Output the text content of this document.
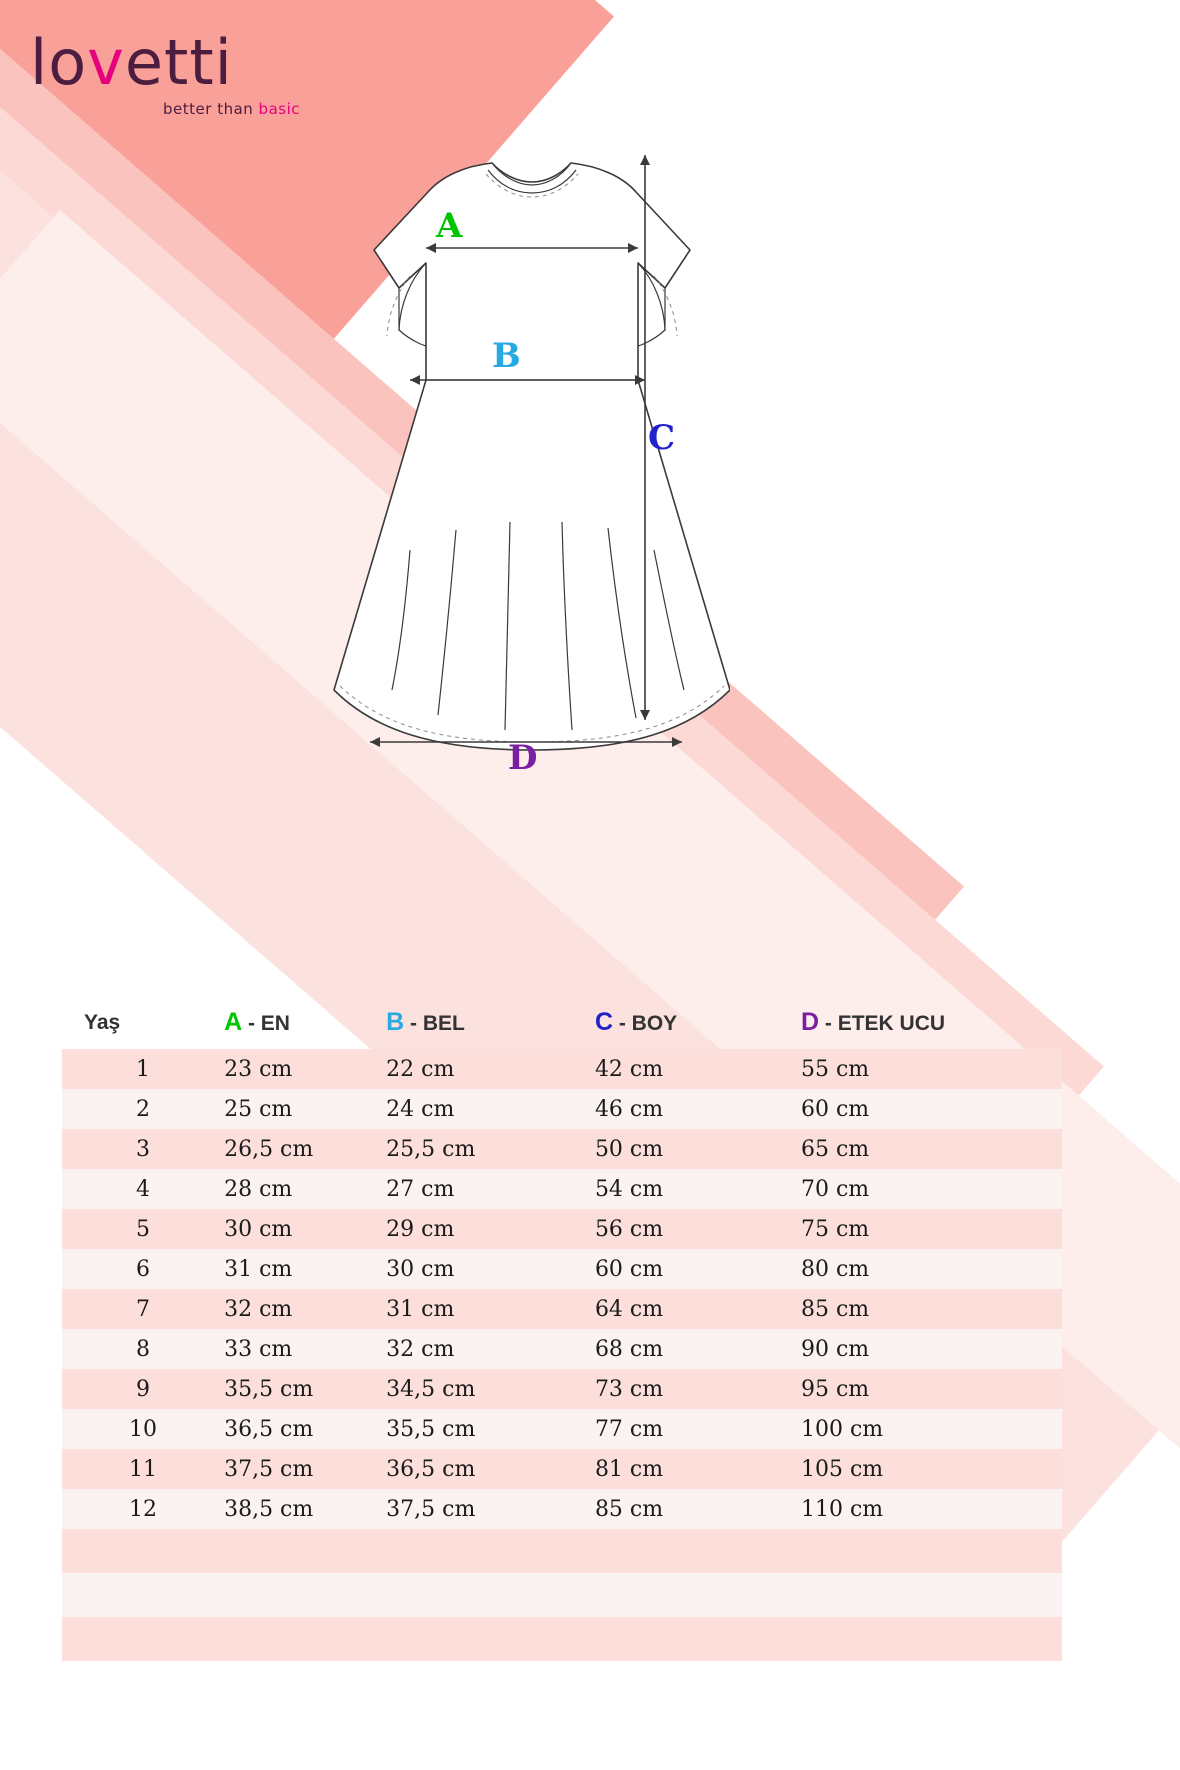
lovetti
better than basic
A
B
C
D
Yaş	A - EN	B - BEL	C - BOY	D - ETEK UCU
1	23 cm	22 cm	42 cm	55 cm
2	25 cm	24 cm	46 cm	60 cm
3	26,5 cm	25,5 cm	50 cm	65 cm
4	28 cm	27 cm	54 cm	70 cm
5	30 cm	29 cm	56 cm	75 cm
6	31 cm	30 cm	60 cm	80 cm
7	32 cm	31 cm	64 cm	85 cm
8	33 cm	32 cm	68 cm	90 cm
9	35,5 cm	34,5 cm	73 cm	95 cm
10	36,5 cm	35,5 cm	77 cm	100 cm
11	37,5 cm	36,5 cm	81 cm	105 cm
12	38,5 cm	37,5 cm	85 cm	110 cm
